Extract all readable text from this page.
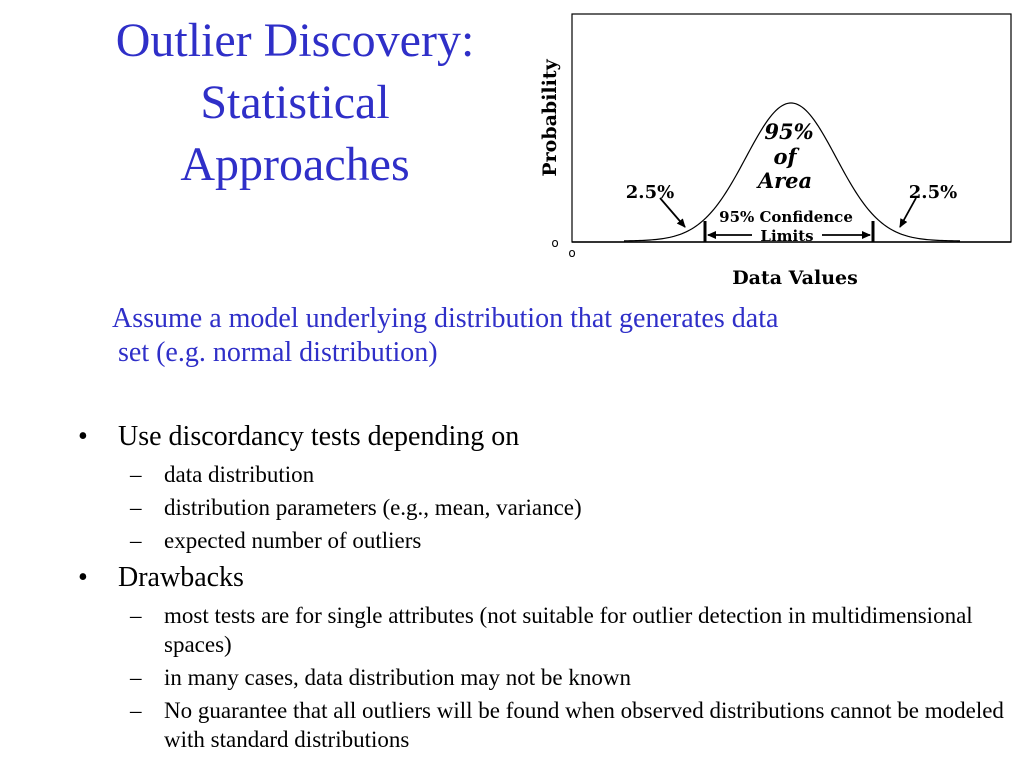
Outlier Discovery:
Statistical
Approaches	Probability
Data Values
95%
of
Area
2.5%	2.5%
95% Confidence
Limits
o
o
Assume a model underlying distribution that generates data
set (e.g. normal distribution)
•	Use discordancy tests depending on
– data distribution
– distribution parameters (e.g., mean, variance)
– expected number of outliers
•	Drawbacks
– most tests are for single attributes (not suitable for outlier detection in multidimensional spaces)
– in many cases, data distribution may not be known
– No guarantee that all outliers will be found when observed distributions cannot be modeled with standard distributions
